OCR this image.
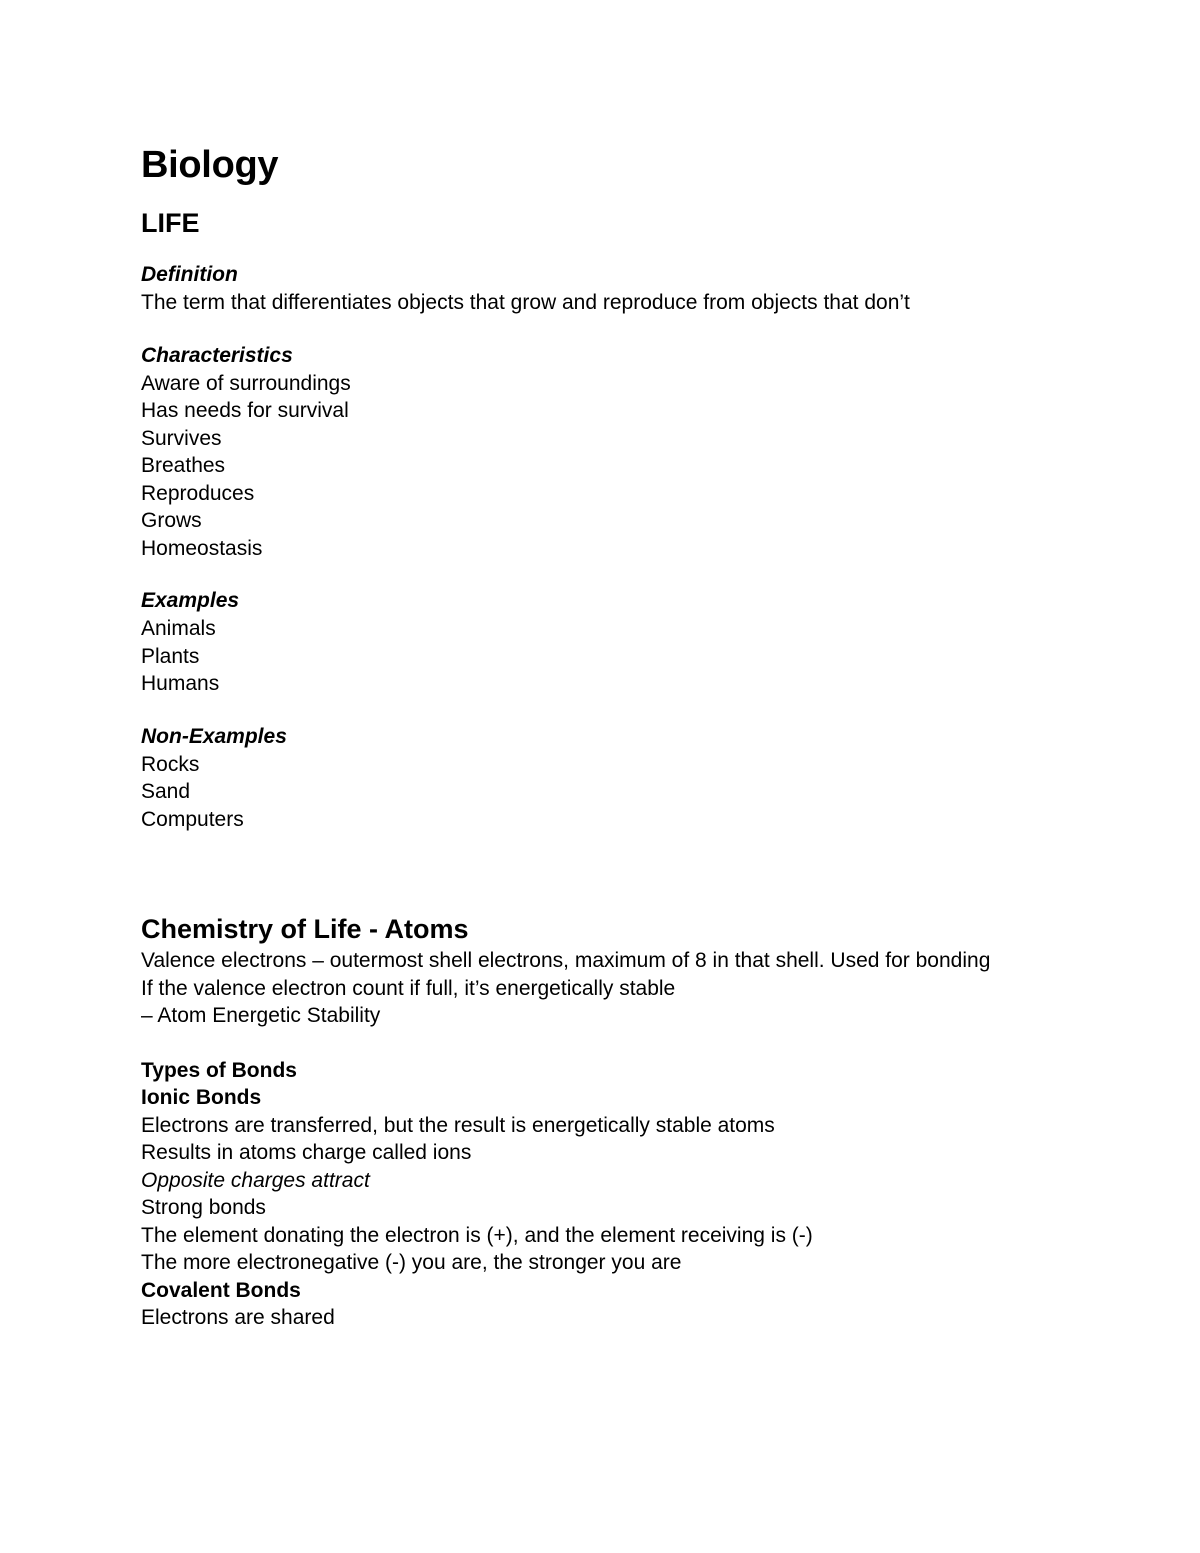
Biology
LIFE
Definition

The term that differentiates objects that grow and reproduce from objects that don’t

Characteristics
Aware of surroundings
Has needs for survival
Survives
Breathes
Reproduces
Grows
Homeostasis
Examples
Animals
Plants
Humans
Non-Examples
Rocks
Sand
Computers
Chemistry of Life - Atoms

Valence electrons – outermost shell electrons, maximum of 8 in that shell. Used for bonding

If the valence electron count if full, it’s energetically stable
– Atom Energetic Stability
Types of Bonds
Ionic Bonds
Electrons are transferred, but the result is energetically stable atoms
Results in atoms charge called ions
Opposite charges attract
Strong bonds
The element donating the electron is (+), and the element receiving is (-)
The more electronegative (-) you are, the stronger you are
Covalent Bonds
Electrons are shared
